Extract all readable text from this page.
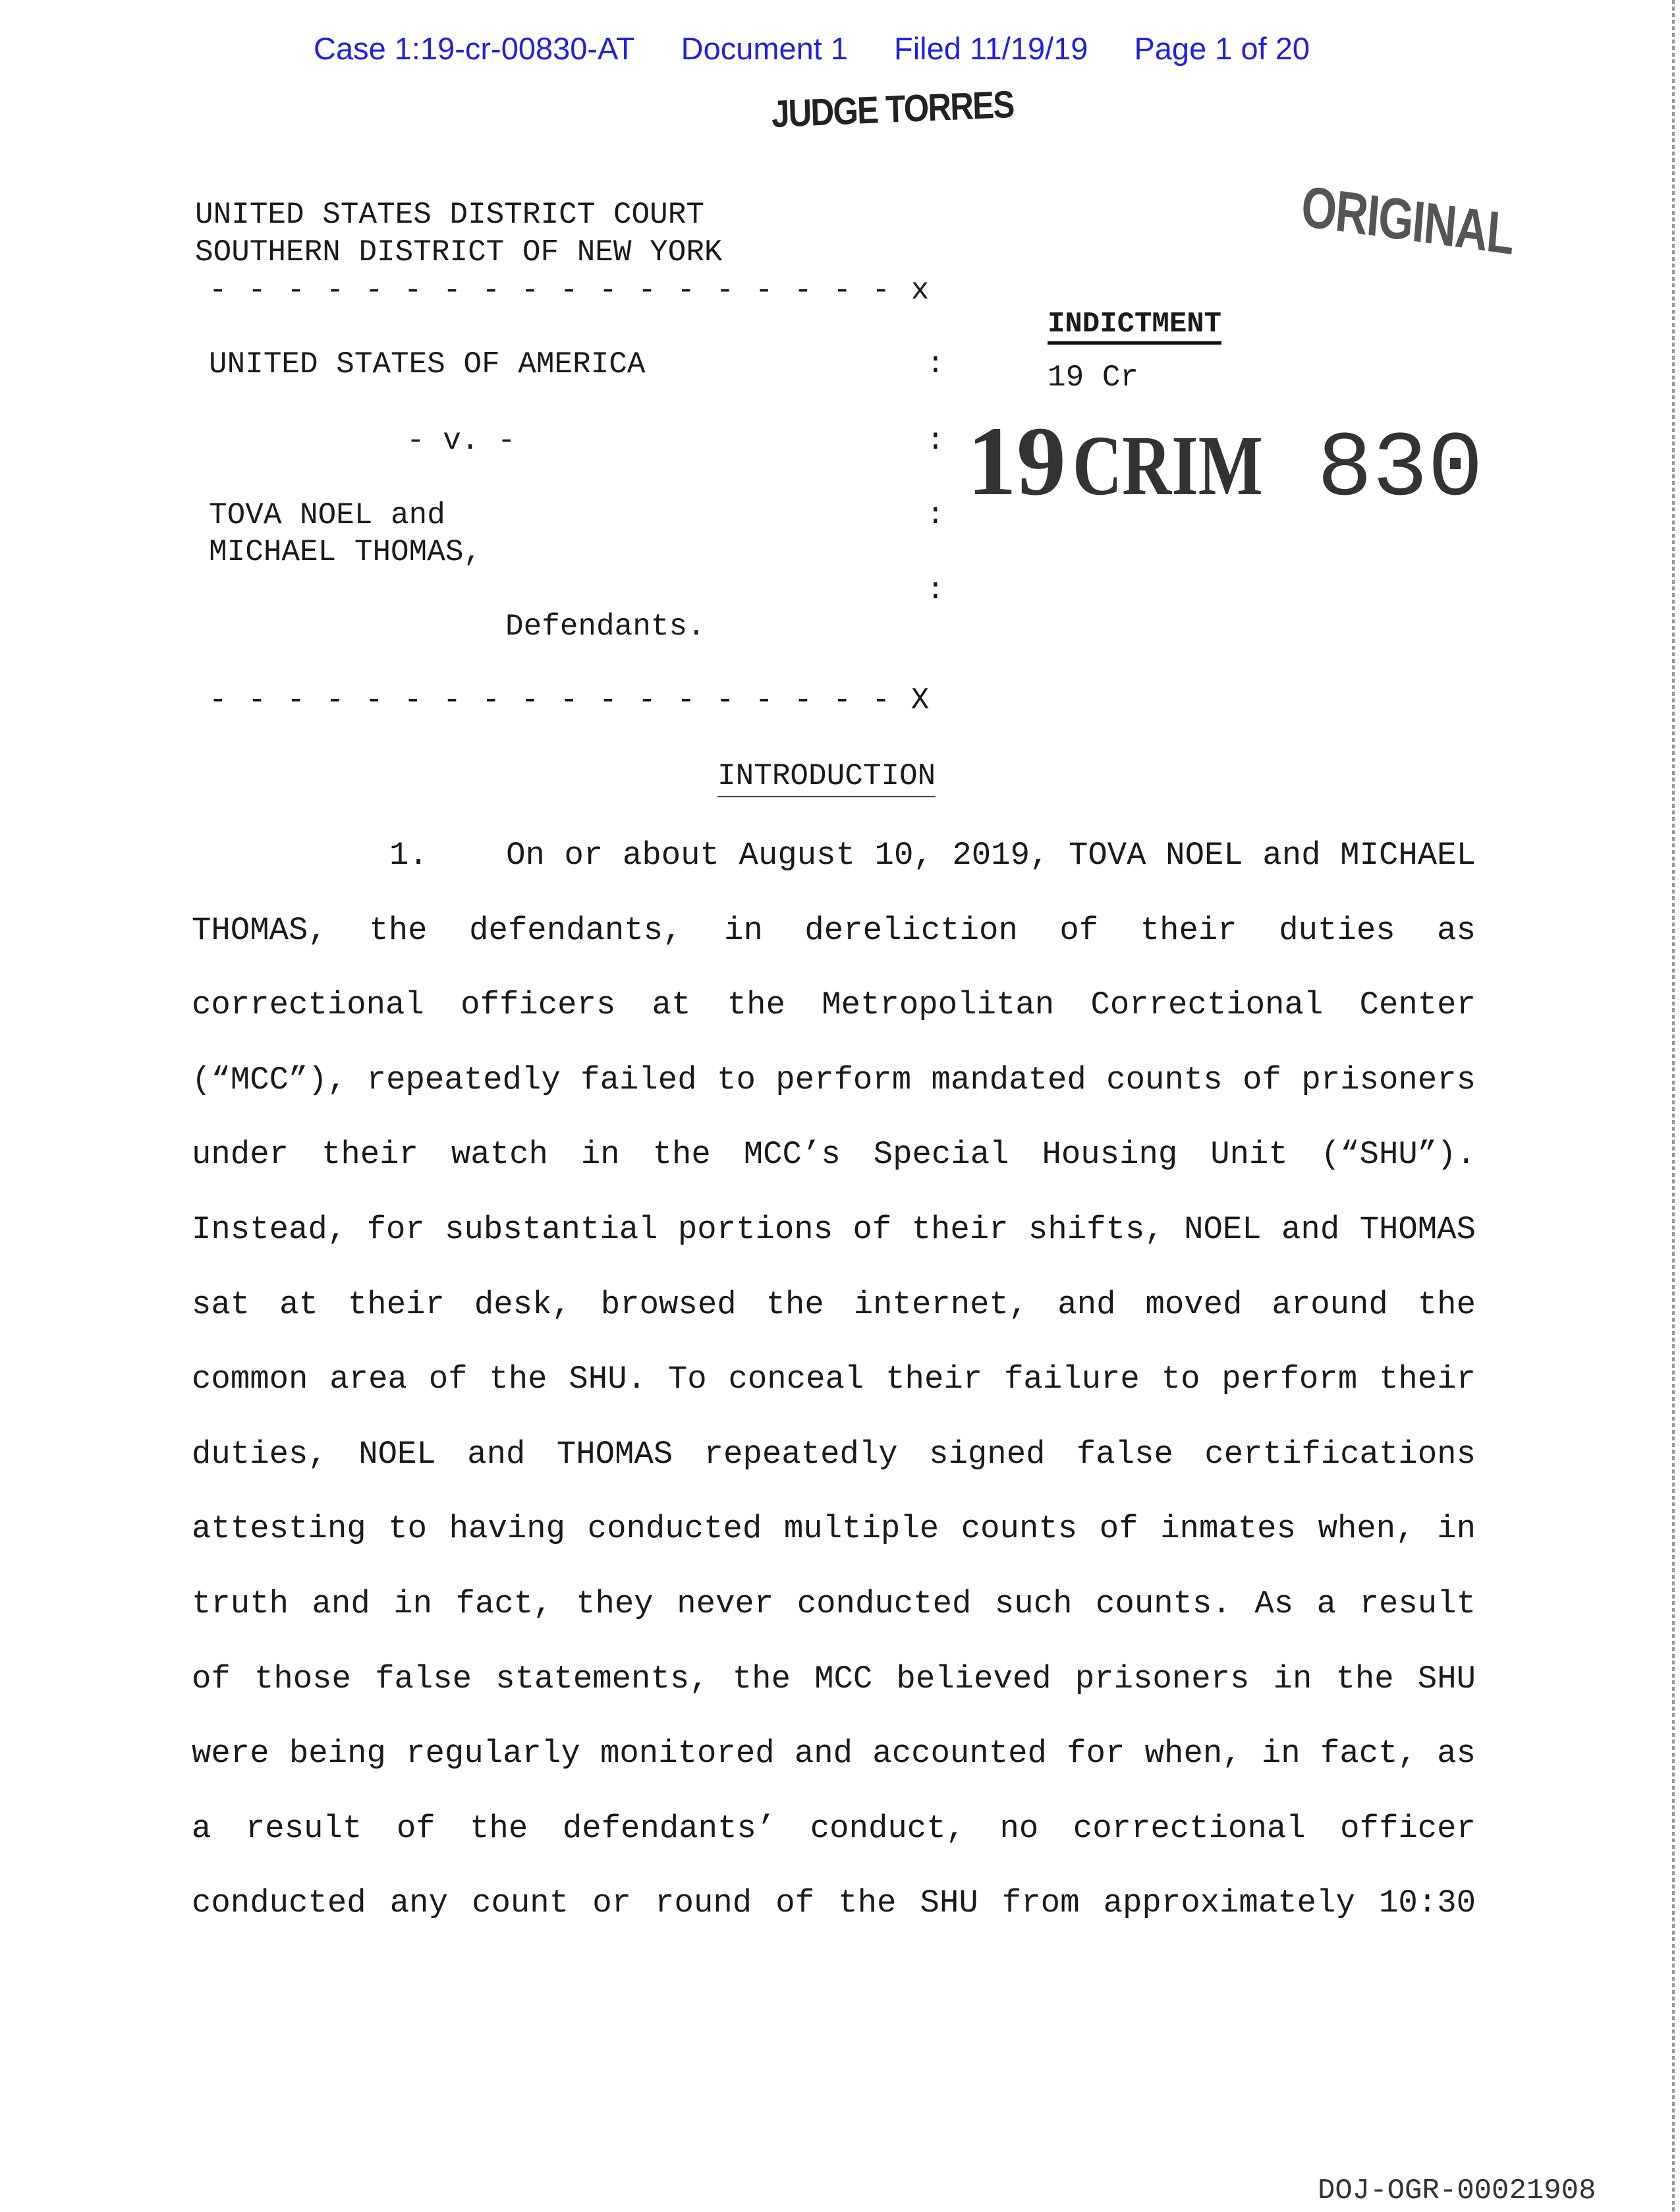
Case 1:19-cr-00830-AT Document 1 Filed 11/19/19 Page 1 of 20
JUDGE TORRES
ORIGINAL
UNITED STATES DISTRICT COURT
SOUTHERN DISTRICT OF NEW YORK
- - - - - - - - - - - - - - - - - - x
INDICTMENT
UNITED STATES OF AMERICA
- v. -
TOVA NOEL and
MICHAEL THOMAS,
Defendants.
- - - - - - - - - - - - - - - - - - X
:
:
:
:
19 Cr
19 CRIM 830
INTRODUCTION
1.    On or about August 10, 2019, TOVA NOEL and MICHAEL
THOMAS, the defendants, in dereliction of their duties as
correctional officers at the Metropolitan Correctional Center
(“MCC”), repeatedly failed to perform mandated counts of prisoners
under their watch in the MCC’s Special Housing Unit (“SHU”).
Instead, for substantial portions of their shifts, NOEL and THOMAS
sat at their desk, browsed the internet, and moved around the
common area of the SHU. To conceal their failure to perform their
duties, NOEL and THOMAS repeatedly signed false certifications
attesting to having conducted multiple counts of inmates when, in
truth and in fact, they never conducted such counts. As a result
of those false statements, the MCC believed prisoners in the SHU
were being regularly monitored and accounted for when, in fact, as
a result of the defendants’ conduct, no correctional officer
conducted any count or round of the SHU from approximately 10:30
DOJ-OGR-00021908
